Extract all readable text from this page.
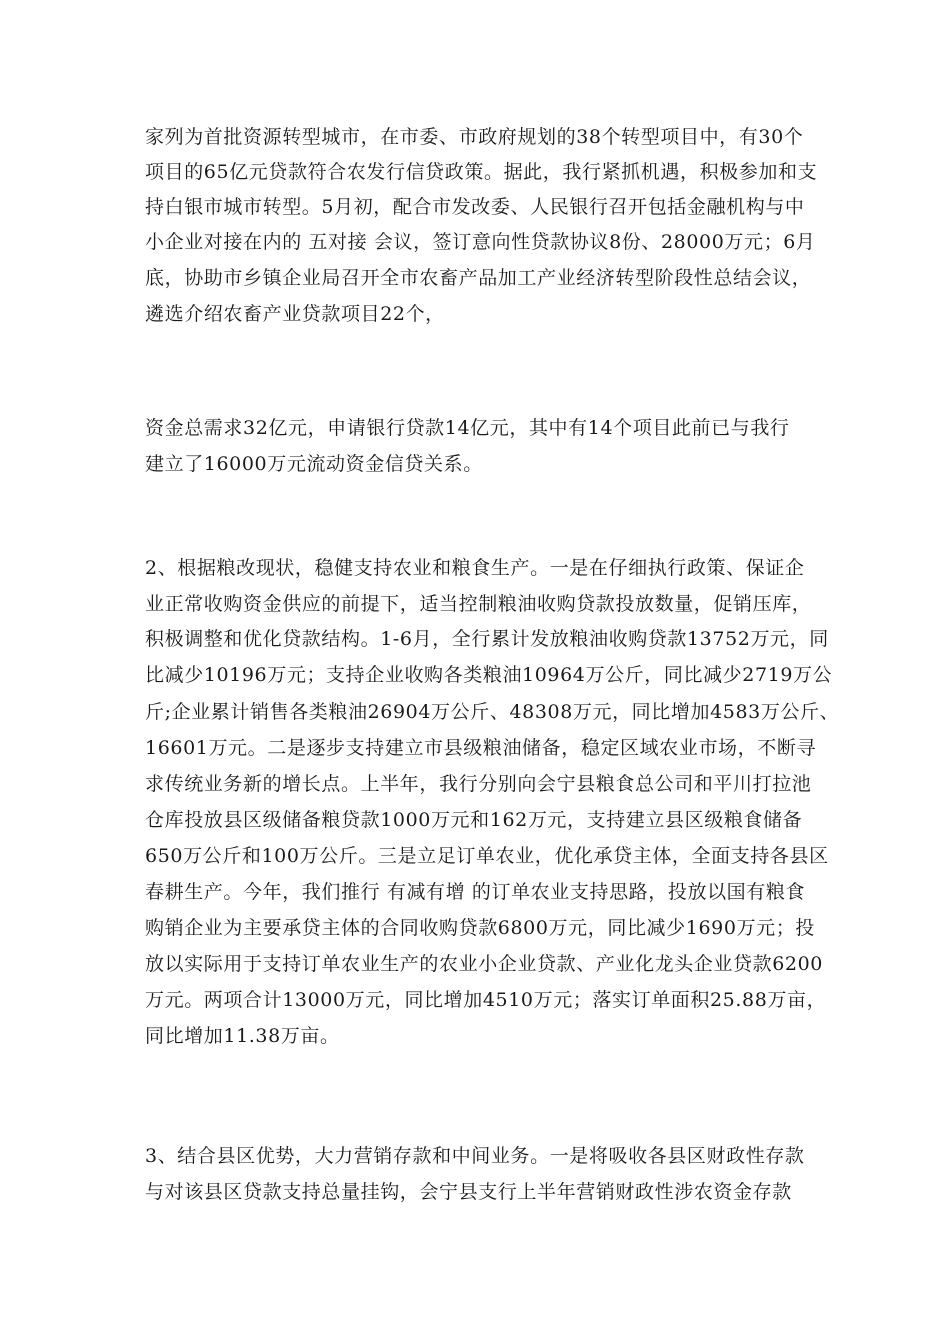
家列为首批资源转型城市，在市委、市政府规划的38个转型项目中，有30个
项目的65亿元贷款符合农发行信贷政策。据此，我行紧抓机遇，积极参加和支
持白银市城市转型。5月初，配合市发改委、人民银行召开包括金融机构与中
小企业对接在内的 五对接 会议，签订意向性贷款协议8份、28000万元；6月
底，协助市乡镇企业局召开全市农畜产品加工产业经济转型阶段性总结会议，
遴选介绍农畜产业贷款项目22个，
资金总需求32亿元，申请银行贷款14亿元，其中有14个项目此前已与我行
建立了16000万元流动资金信贷关系。
2、根据粮改现状，稳健支持农业和粮食生产。一是在仔细执行政策、保证企
业正常收购资金供应的前提下，适当控制粮油收购贷款投放数量，促销压库，
积极调整和优化贷款结构。1-6月，全行累计发放粮油收购贷款13752万元，同
比减少10196万元；支持企业收购各类粮油10964万公斤，同比减少2719万公
斤;企业累计销售各类粮油26904万公斤、48308万元，同比增加4583万公斤、
16601万元。二是逐步支持建立市县级粮油储备，稳定区域农业市场，不断寻
求传统业务新的增长点。上半年，我行分别向会宁县粮食总公司和平川打拉池
仓库投放县区级储备粮贷款1000万元和162万元，支持建立县区级粮食储备
650万公斤和100万公斤。三是立足订单农业，优化承贷主体，全面支持各县区
春耕生产。今年，我们推行 有减有增 的订单农业支持思路，投放以国有粮食
购销企业为主要承贷主体的合同收购贷款6800万元，同比减少1690万元；投
放以实际用于支持订单农业生产的农业小企业贷款、产业化龙头企业贷款6200
万元。两项合计13000万元，同比增加4510万元；落实订单面积25.88万亩，
同比增加11.38万亩。
3、结合县区优势，大力营销存款和中间业务。一是将吸收各县区财政性存款
与对该县区贷款支持总量挂钩，会宁县支行上半年营销财政性涉农资金存款
